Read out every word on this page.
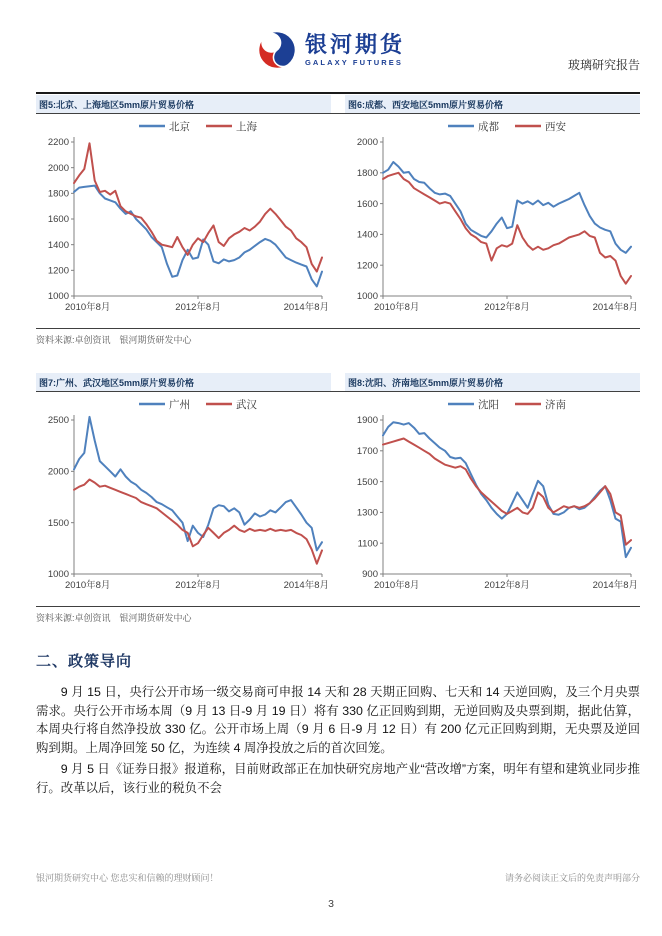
银河期货
GALAXY FUTURES	玻璃研究报告
图5:北京、上海地区5mm原片贸易价格	图6:成都、西安地区5mm原片贸易价格
1000
1200
1400
1600
1800
2000
2200
2010年8月	2012年8月	2014年8月
北京	上海
1000
1200
1400
1600
1800
2000
2010年8月	2012年8月	2014年8月
成都	西安
资料来源:卓创资讯　银河期货研发中心
图7:广州、武汉地区5mm原片贸易价格	图8:沈阳、济南地区5mm原片贸易价格
1000
1500
2000
2500
2010年8月	2012年8月	2014年8月
广州	武汉
900
1100
1300
1500
1700
1900
2010年8月	2012年8月	2014年8月
沈阳	济南
资料来源:卓创资讯　银河期货研发中心
二、政策导向

9 月 15 日，央行公开市场一级交易商可申报 14 天和 28 天期正回购、七天和 14 天逆回购，及三个月央票需求。央行公开市场本周（9 月 13 日-9 月 19 日）将有 330 亿正回购到期，无逆回购及央票到期，据此估算，本周央行将自然净投放 330 亿。公开市场上周（9 月 6 日-9 月 12 日）有 200 亿元正回购到期，无央票及逆回购到期。上周净回笼 50 亿，为连续 4 周净投放之后的首次回笼。

9 月 5 日《证券日报》报道称，目前财政部正在加快研究房地产业“营改增”方案，明年有望和建筑业同步推行。改革以后，该行业的税负不会

银河期货研究中心 您忠实和信赖的理财顾问！	请务必阅读正文后的免责声明部分
3
